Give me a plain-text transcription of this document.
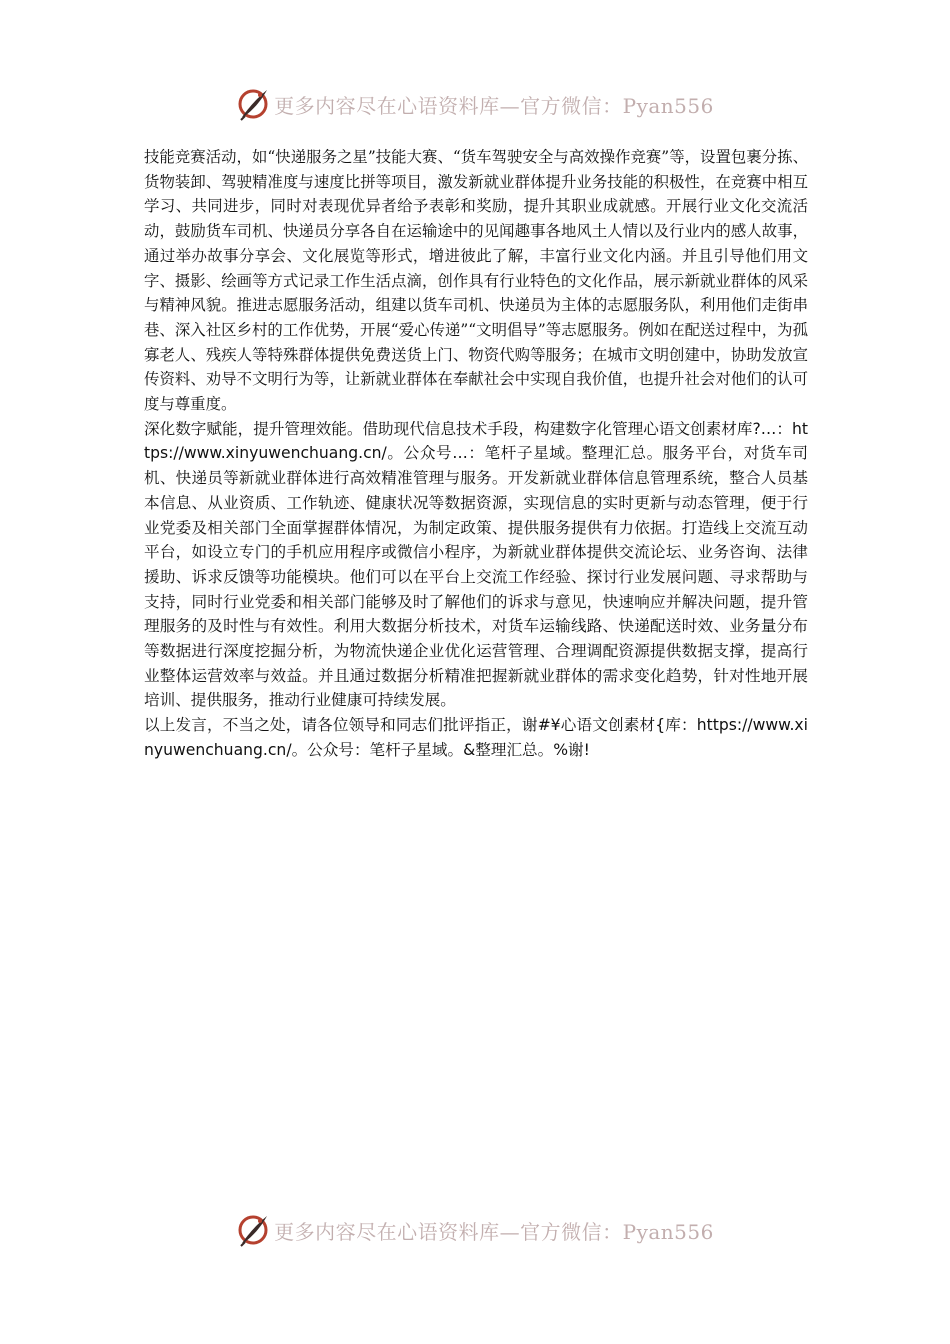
更多内容尽在心语资料库—官方微信：Pyan556

技能竞赛活动，如“快递服务之星”技能大赛、“货车驾驶安全与高效操作竞赛”等，设置包裹分拣、货物装卸、驾驶精准度与速度比拼等项目，激发新就业群体提升业务技能的积极性，在竞赛中相互学习、共同进步，同时对表现优异者给予表彰和奖励，提升其职业成就感。开展行业文化交流活动，鼓励货车司机、快递员分享各自在运输途中的见闻趣事各地风土人情以及行业内的感人故事，通过举办故事分享会、文化展览等形式，增进彼此了解，丰富行业文化内涵。并且引导他们用文字、摄影、绘画等方式记录工作生活点滴，创作具有行业特色的文化作品，展示新就业群体的风采与精神风貌。推进志愿服务活动，组建以货车司机、快递员为主体的志愿服务队，利用他们走街串巷、深入社区乡村的工作优势，开展“爱心传递”“文明倡导”等志愿服务。例如在配送过程中，为孤寡老人、残疾人等特殊群体提供免费送货上门、物资代购等服务；在城市文明创建中，协助发放宣传资料、劝导不文明行为等，让新就业群体在奉献社会中实现自我价值，也提升社会对他们的认可度与尊重度。

深化数字赋能，提升管理效能。借助现代信息技术手段，构建数字化管理心语文创素材库?…：https://www.xinyuwenchuang.cn/。公众号…：笔杆子星域。整理汇总。服务平台，对货车司机、快递员等新就业群体进行高效精准管理与服务。开发新就业群体信息管理系统，整合人员基本信息、从业资质、工作轨迹、健康状况等数据资源，实现信息的实时更新与动态管理，便于行业党委及相关部门全面掌握群体情况，为制定政策、提供服务提供有力依据。打造线上交流互动平台，如设立专门的手机应用程序或微信小程序，为新就业群体提供交流论坛、业务咨询、法律援助、诉求反馈等功能模块。他们可以在平台上交流工作经验、探讨行业发展问题、寻求帮助与支持，同时行业党委和相关部门能够及时了解他们的诉求与意见，快速响应并解决问题，提升管理服务的及时性与有效性。利用大数据分析技术，对货车运输线路、快递配送时效、业务量分布等数据进行深度挖掘分析，为物流快递企业优化运营管理、合理调配资源提供数据支撑，提高行业整体运营效率与效益。并且通过数据分析精准把握新就业群体的需求变化趋势，针对性地开展培训、提供服务，推动行业健康可持续发展。

以上发言，不当之处，请各位领导和同志们批评指正，谢#¥心语文创素材{库：https://www.xinyuwenchuang.cn/。公众号：笔杆子星域。&整理汇总。%谢!

更多内容尽在心语资料库—官方微信：Pyan556
